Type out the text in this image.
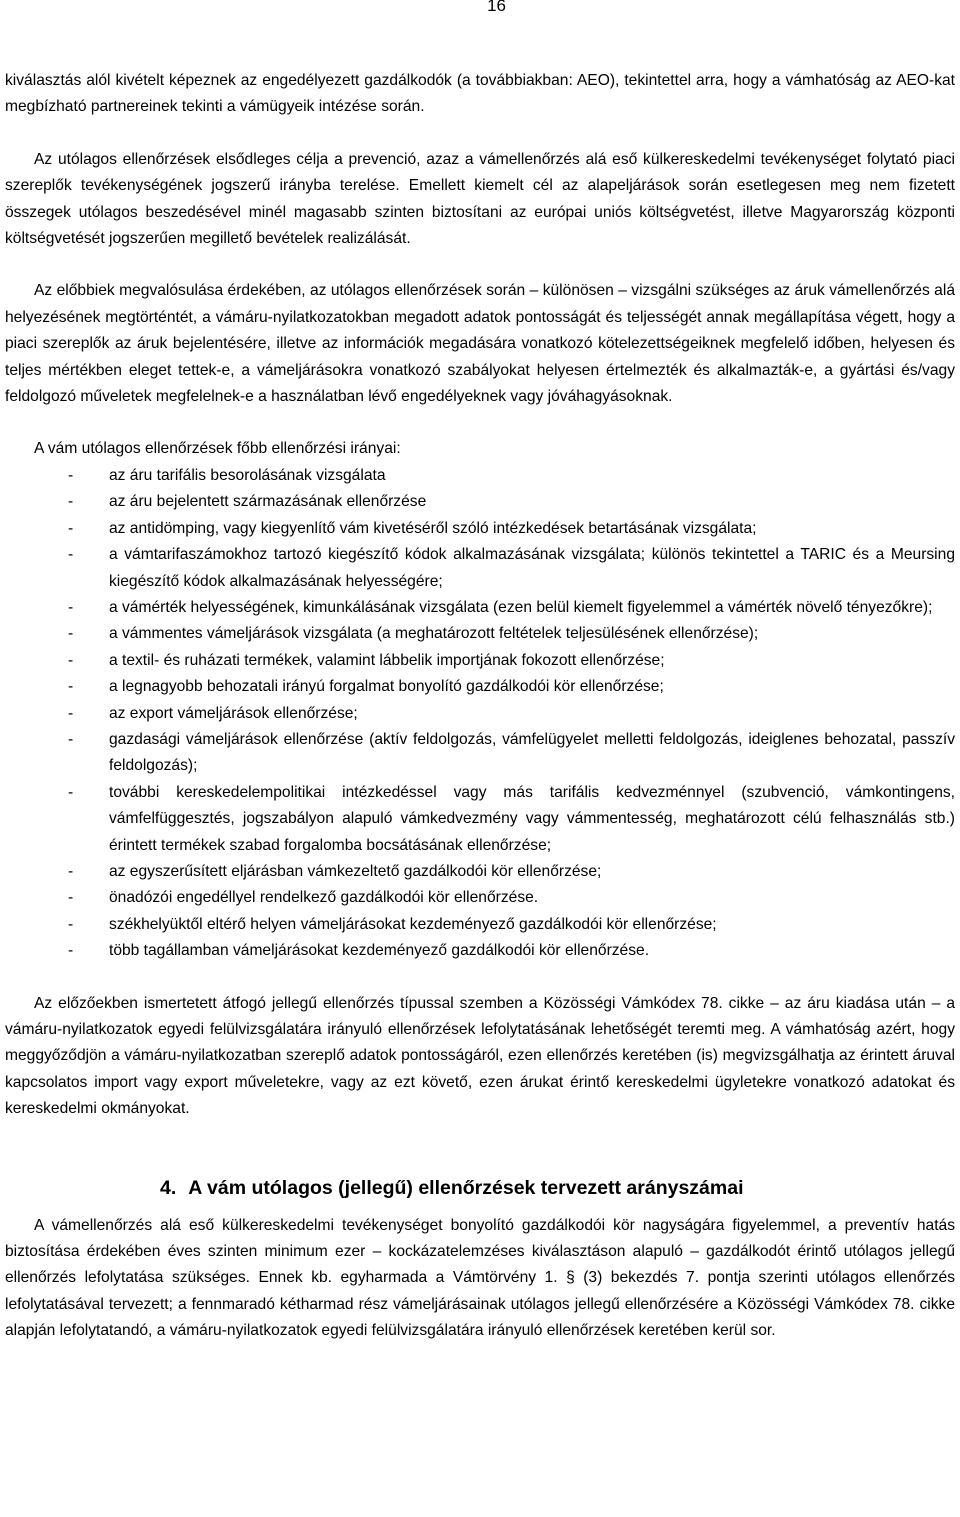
16

kiválasztás alól kivételt képeznek az engedélyezett gazdálkodók (a továbbiakban: AEO), tekintettel arra, hogy a vámhatóság az AEO-kat megbízható partnereinek tekinti a vámügyeik intézése során.

Az utólagos ellenőrzések elsődleges célja a prevenció, azaz a vámellenőrzés alá eső külkereskedelmi tevékenységet folytató piaci szereplők tevékenységének jogszerű irányba terelése. Emellett kiemelt cél az alapeljárások során esetlegesen meg nem fizetett összegek utólagos beszedésével minél magasabb szinten biztosítani az európai uniós költségvetést, illetve Magyarország központi költségvetését jogszerűen megillető bevételek realizálását.

Az előbbiek megvalósulása érdekében, az utólagos ellenőrzések során – különösen – vizsgálni szükséges az áruk vámellenőrzés alá helyezésének megtörténtét, a vámáru-nyilatkozatokban megadott adatok pontosságát és teljességét annak megállapítása végett, hogy a piaci szereplők az áruk bejelentésére, illetve az információk megadására vonatkozó kötelezettségeiknek megfelelő időben, helyesen és teljes mértékben eleget tettek-e, a vámeljárásokra vonatkozó szabályokat helyesen értelmezték és alkalmazták-e, a gyártási és/vagy feldolgozó műveletek megfelelnek-e a használatban lévő engedélyeknek vagy jóváhagyásoknak.

A vám utólagos ellenőrzések főbb ellenőrzési irányai:

- az áru tarifális besorolásának vizsgálata
- az áru bejelentett származásának ellenőrzése
- az antidömping, vagy kiegyenlítő vám kivetéséről szóló intézkedések betartásának vizsgálata;
- a vámtarifaszámokhoz tartozó kiegészítő kódok alkalmazásának vizsgálata; különös tekintettel a TARIC és a Meursing kiegészítő kódok alkalmazásának helyességére;
- a vámérték helyességének, kimunkálásának vizsgálata (ezen belül kiemelt figyelemmel a vámérték növelő tényezőkre);
- a vámmentes vámeljárások vizsgálata (a meghatározott feltételek teljesülésének ellenőrzése);
- a textil- és ruházati termékek, valamint lábbelik importjának fokozott ellenőrzése;
- a legnagyobb behozatali irányú forgalmat bonyolító gazdálkodói kör ellenőrzése;
- az export vámeljárások ellenőrzése;
- gazdasági vámeljárások ellenőrzése (aktív feldolgozás, vámfelügyelet melletti feldolgozás, ideiglenes behozatal, passzív feldolgozás);
- további kereskedelempolitikai intézkedéssel vagy más tarifális kedvezménnyel (szubvenció, vámkontingens, vámfelfüggesztés, jogszabályon alapuló vámkedvezmény vagy vámmentesség, meghatározott célú felhasználás stb.) érintett termékek szabad forgalomba bocsátásának ellenőrzése;
- az egyszerűsített eljárásban vámkezeltető gazdálkodói kör ellenőrzése;
- önadózói engedéllyel rendelkező gazdálkodói kör ellenőrzése.
- székhelyüktől eltérő helyen vámeljárásokat kezdeményező gazdálkodói kör ellenőrzése;
- több tagállamban vámeljárásokat kezdeményező gazdálkodói kör ellenőrzése.

Az előzőekben ismertetett átfogó jellegű ellenőrzés típussal szemben a Közösségi Vámkódex 78. cikke – az áru kiadása után – a vámáru-nyilatkozatok egyedi felülvizsgálatára irányuló ellenőrzések lefolytatásának lehetőségét teremti meg. A vámhatóság azért, hogy meggyőződjön a vámáru-nyilatkozatban szereplő adatok pontosságáról, ezen ellenőrzés keretében (is) megvizsgálhatja az érintett áruval kapcsolatos import vagy export műveletekre, vagy az ezt követő, ezen árukat érintő kereskedelmi ügyletekre vonatkozó adatokat és kereskedelmi okmányokat.

4. A vám utólagos (jellegű) ellenőrzések tervezett arányszámai

A vámellenőrzés alá eső külkereskedelmi tevékenységet bonyolító gazdálkodói kör nagyságára figyelemmel, a preventív hatás biztosítása érdekében éves szinten minimum ezer – kockázatelemzéses kiválasztáson alapuló – gazdálkodót érintő utólagos jellegű ellenőrzés lefolytatása szükséges. Ennek kb. egyharmada a Vámtörvény 1. § (3) bekezdés 7. pontja szerinti utólagos ellenőrzés lefolytatásával tervezett; a fennmaradó kétharmad rész vámeljárásainak utólagos jellegű ellenőrzésére a Közösségi Vámkódex 78. cikke alapján lefolytatandó, a vámáru-nyilatkozatok egyedi felülvizsgálatára irányuló ellenőrzések keretében kerül sor.
